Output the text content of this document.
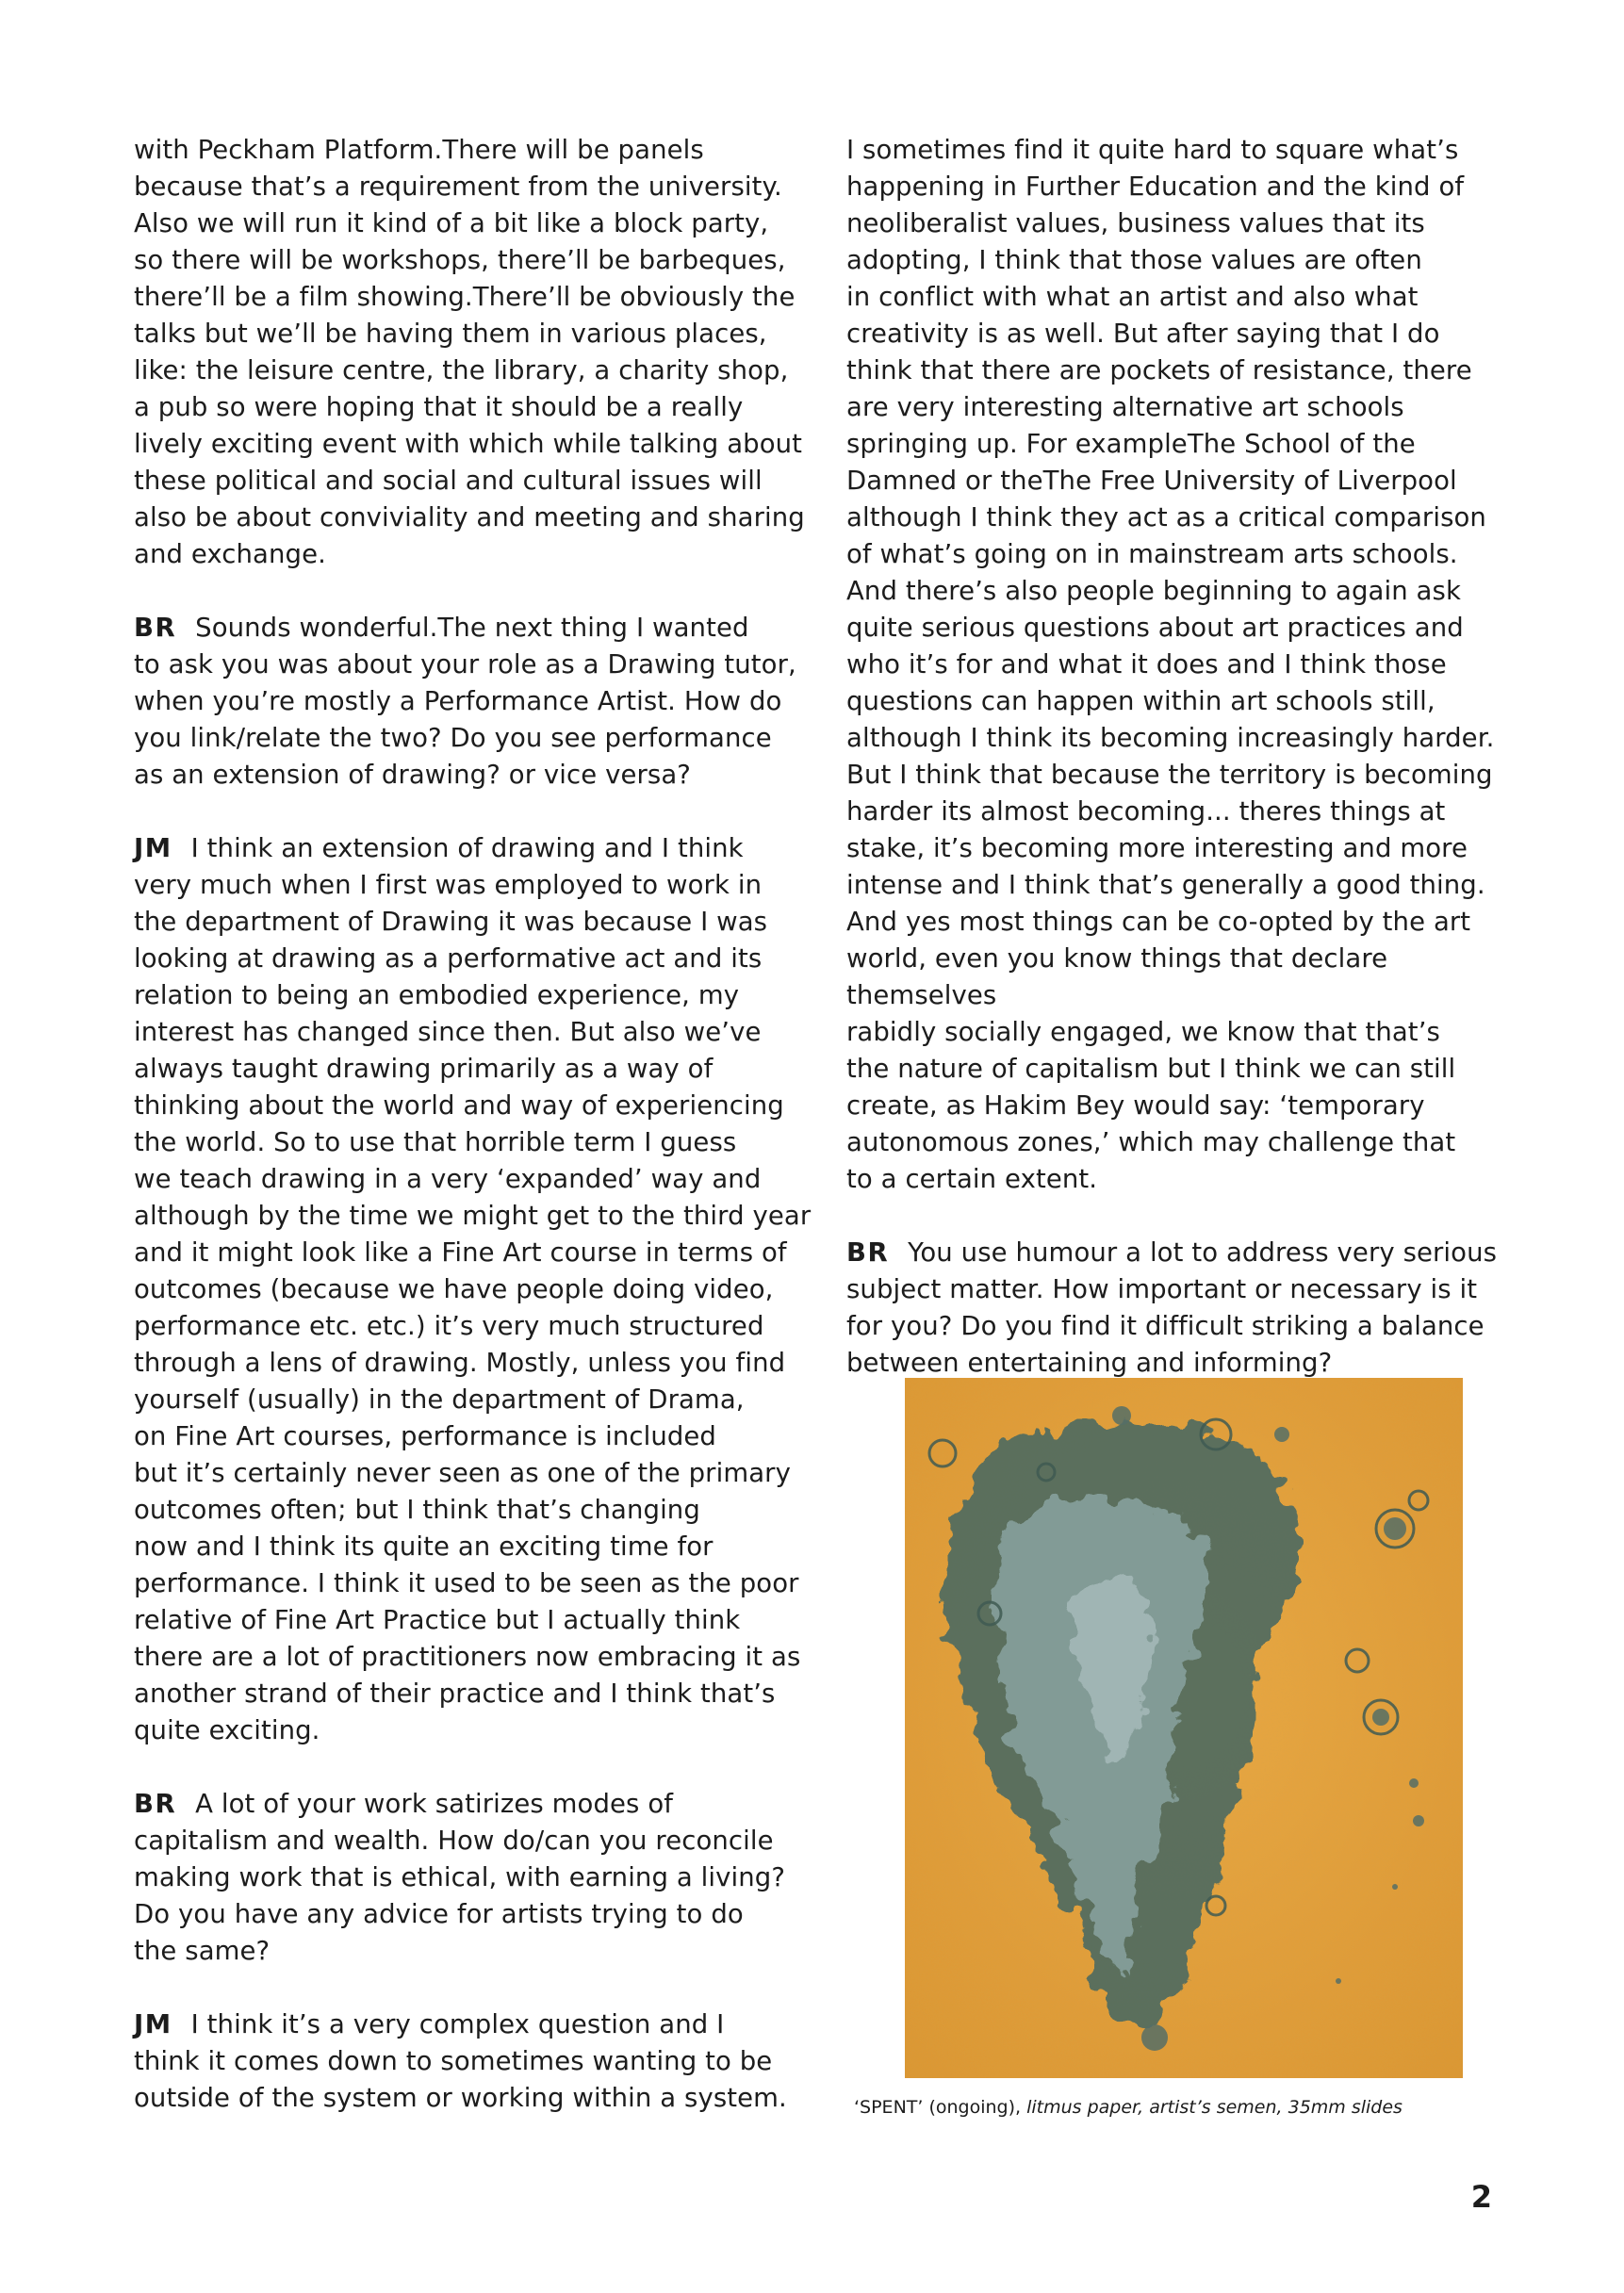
with Peckham Platform.There will be panels
because that’s a requirement from the university.
Also we will run it kind of a bit like a block party,
so there will be workshops, there’ll be barbeques,
there’ll be a film showing.There’ll be obviously the
talks but we’ll be having them in various places,
like: the leisure centre, the library, a charity shop,
a pub so were hoping that it should be a really
lively exciting event with which while talking about
these political and social and cultural issues will
also be about conviviality and meeting and sharing
and exchange.

BR Sounds wonderful.The next thing I wanted
to ask you was about your role as a Drawing tutor,
when you’re mostly a Performance Artist. How do
you link/relate the two? Do you see performance
as an extension of drawing? or vice versa?

JM I think an extension of drawing and I think
very much when I first was employed to work in
the department of Drawing it was because I was
looking at drawing as a performative act and its
relation to being an embodied experience, my
interest has changed since then. But also we’ve
always taught drawing primarily as a way of
thinking about the world and way of experiencing
the world. So to use that horrible term I guess
we teach drawing in a very ‘expanded’ way and
although by the time we might get to the third year
and it might look like a Fine Art course in terms of
outcomes (because we have people doing video,
performance etc. etc.) it’s very much structured
through a lens of drawing. Mostly, unless you find
yourself (usually) in the department of Drama,
on Fine Art courses, performance is included
but it’s certainly never seen as one of the primary
outcomes often; but I think that’s changing
now and I think its quite an exciting time for
performance. I think it used to be seen as the poor
relative of Fine Art Practice but I actually think
there are a lot of practitioners now embracing it as
another strand of their practice and I think that’s
quite exciting.

BR A lot of your work satirizes modes of
capitalism and wealth. How do/can you reconcile
making work that is ethical, with earning a living?
Do you have any advice for artists trying to do
the same?

JM I think it’s a very complex question and I
think it comes down to sometimes wanting to be
outside of the system or working within a system.

I sometimes find it quite hard to square what’s
happening in Further Education and the kind of
neoliberalist values, business values that its
adopting, I think that those values are often
in conflict with what an artist and also what
creativity is as well. But after saying that I do
think that there are pockets of resistance, there
are very interesting alternative art schools
springing up. For exampleThe School of the
Damned or theThe Free University of Liverpool
although I think they act as a critical comparison
of what’s going on in mainstream arts schools.
And there’s also people beginning to again ask
quite serious questions about art practices and
who it’s for and what it does and I think those
questions can happen within art schools still,
although I think its becoming increasingly harder.
But I think that because the territory is becoming
harder its almost becoming... theres things at
stake, it’s becoming more interesting and more
intense and I think that’s generally a good thing.
And yes most things can be co-opted by the art
world, even you know things that declare themselves
rabidly socially engaged, we know that that’s
the nature of capitalism but I think we can still
create, as Hakim Bey would say: ‘temporary
autonomous zones,’ which may challenge that
to a certain extent.

BR You use humour a lot to address very serious
subject matter. How important or necessary is it
for you? Do you find it difficult striking a balance
between entertaining and informing?

‘SPENT’ (ongoing), litmus paper, artist’s semen, 35mm slides
2
